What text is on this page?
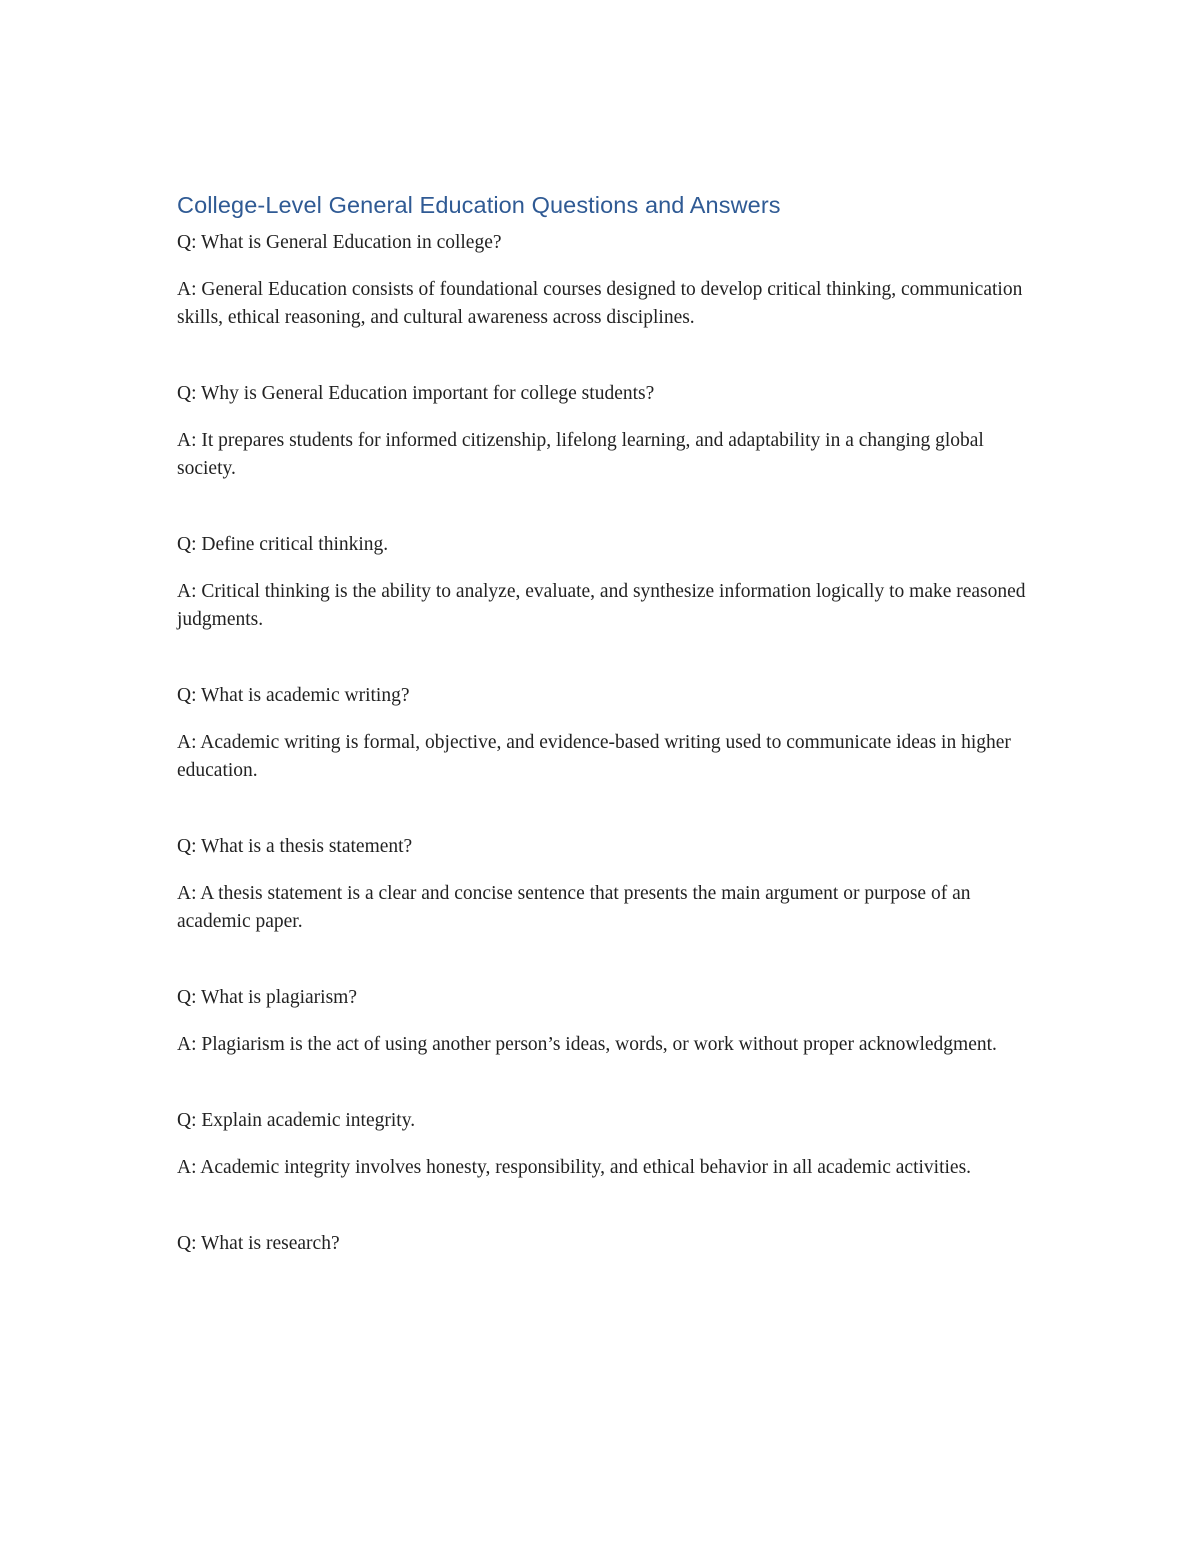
College-Level General Education Questions and Answers

Q: What is General Education in college?

A: General Education consists of foundational courses designed to develop critical thinking, communication skills, ethical reasoning, and cultural awareness across disciplines.

Q: Why is General Education important for college students?

A: It prepares students for informed citizenship, lifelong learning, and adaptability in a changing global society.

Q: Define critical thinking.

A: Critical thinking is the ability to analyze, evaluate, and synthesize information logically to make reasoned judgments.

Q: What is academic writing?

A: Academic writing is formal, objective, and evidence-based writing used to communicate ideas in higher education.

Q: What is a thesis statement?

A: A thesis statement is a clear and concise sentence that presents the main argument or purpose of an academic paper.

Q: What is plagiarism?

A: Plagiarism is the act of using another person’s ideas, words, or work without proper acknowledgment.

Q: Explain academic integrity.

A: Academic integrity involves honesty, responsibility, and ethical behavior in all academic activities.

Q: What is research?
